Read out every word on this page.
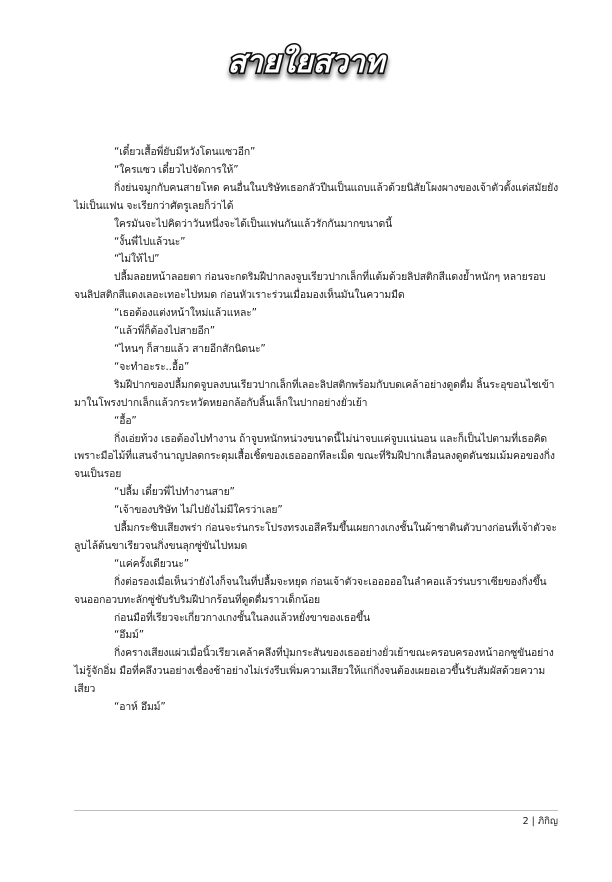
สายใยสวาท

“เดี๋ยวเสื้อพี่ยับมีหวังโดนแซวอีก”

“ใครแซว เดี๋ยวไปจัดการให้”

กิ่งย่นจมูกกับคนสายโหด คนอื่นในบริษัทเธอกลัวปีนเป็นแถบแล้วด้วยนิสัยโผงผางของเจ้าตัวตั้งแต่สมัยยังไม่เป็นแฟน จะเรียกว่าศัตรูเลยก็ว่าได้

ใครมันจะไปคิดว่าวันหนึ่งจะได้เป็นแฟนกันแล้วรักกันมากขนาดนี้

“งั้นพี่ไปแล้วนะ”

“ไม่ให้ไป”

ปลื้มลอยหน้าลอยตา ก่อนจะกดริมฝีปากลงจูบเรียวปากเล็กที่แต้มด้วยลิปสติกสีแดงย้ำหนักๆ หลายรอบจนลิปสติกสีแดงเลอะเทอะไปหมด ก่อนหัวเราะร่วนเมื่อมองเห็นมันในความมืด

“เธอต้องแต่งหน้าใหม่แล้วแหละ”

“แล้วพี่ก็ต้องไปสายอีก”

“ไหนๆ ก็สายแล้ว สายอีกสักนิดนะ”

“จะทำอะระ..อื้อ”

ริมฝีปากของปลื้มกดจูบลงบนเรียวปากเล็กที่เลอะลิปสติกพร้อมกับบดเคล้าอย่างดูดดื่ม ลิ้นระอุขอนไชเข้ามาในโพรงปากเล็กแล้วกระหวัดหยอกล้อกับลิ้นเล็กในปากอย่างยั่วเย้า

“อื้อ”

กิ่งเอ่ยท้วง เธอต้องไปทำงาน ถ้าจูบหนักหน่วงขนาดนี้ไม่น่าจบแค่จูบแน่นอน และก็เป็นไปตามที่เธอคิดเพราะมือไม้ที่แสนจำนาญปลดกระดุมเสื้อเชิ้ตของเธอออกทีละเม็ด ขณะที่ริมฝีปากเลื่อนลงดูดดันชมเม้มคอของกิ่งจนเป็นรอย

“ปลื้ม เดี๋ยวพี่ไปทำงานสาย”

“เจ้าของบริษัท ไม่ไปยังไม่มีใครว่าเลย”

ปลื้มกระซิบเสียงพร่า ก่อนจะร่นกระโปรงทรงเอสีครีมขึ้นเผยกางเกงชั้นในผ้าซาตินตัวบางก่อนที่เจ้าตัวจะลูบไล้ต้นขาเรียวจนกิ่งขนลุกซู่ขันไปหมด

“แค่ครั้งเดียวนะ”

กิ่งต่อรองเมื่อเห็นว่ายังไงก็จนในที่ปลื้มจะหยุด ก่อนเจ้าตัวจะเอออออในลำคอแล้วร่นบราเซียของกิ่งขึ้นจนออกอวบทะลักซู่ชับรับริมฝีปากร้อนที่ดูดดื่มราวเด็กน้อย

ก่อนมือที่เรียวจะเกี่ยวกางเกงชั้นในลงแล้วหยั่งขาของเธอขึ้น

“อึมม์”

กิ่งครางเสียงแผ่วเมื่อนิ้วเรียวเคล้าคลึงที่ปุ่มกระสันของเธออย่างยั่วเย้าขณะครอบครองหน้าอกซูขันอย่างไม่รู้จักอิ่ม มือที่คลึงวนอย่างเชื่องช้าอย่างไม่เร่งรีบเพิ่มความเสียวให้แก่กิ่งจนต้องเผยอเอวขึ้นรับสัมผัสด้วยความเสียว

“อาห์ อึมม์”

2 | ภิกิญ
